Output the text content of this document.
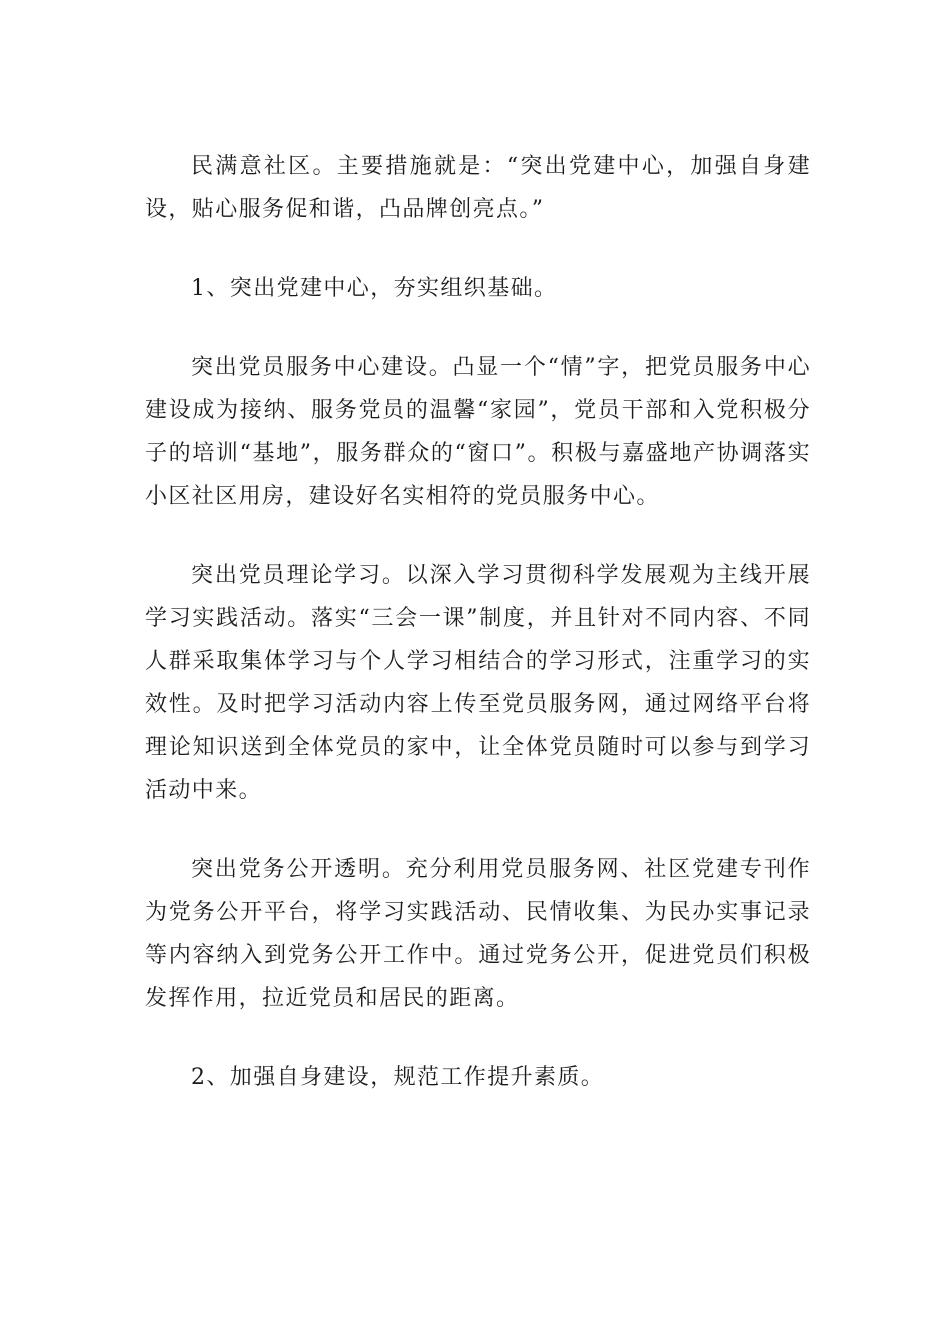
民满意社区。主要措施就是：“突出党建中心，加强自身建设，贴心服务促和谐，凸品牌创亮点。”

1、突出党建中心，夯实组织基础。

突出党员服务中心建设。凸显一个“情”字，把党员服务中心建设成为接纳、服务党员的温馨“家园”，党员干部和入党积极分子的培训“基地”，服务群众的“窗口”。积极与嘉盛地产协调落实小区社区用房，建设好名实相符的党员服务中心。

突出党员理论学习。以深入学习贯彻科学发展观为主线开展学习实践活动。落实“三会一课”制度，并且针对不同内容、不同人群采取集体学习与个人学习相结合的学习形式，注重学习的实效性。及时把学习活动内容上传至党员服务网，通过网络平台将理论知识送到全体党员的家中，让全体党员随时可以参与到学习活动中来。

突出党务公开透明。充分利用党员服务网、社区党建专刊作为党务公开平台，将学习实践活动、民情收集、为民办实事记录等内容纳入到党务公开工作中。通过党务公开，促进党员们积极发挥作用，拉近党员和居民的距离。

2、加强自身建设，规范工作提升素质。
